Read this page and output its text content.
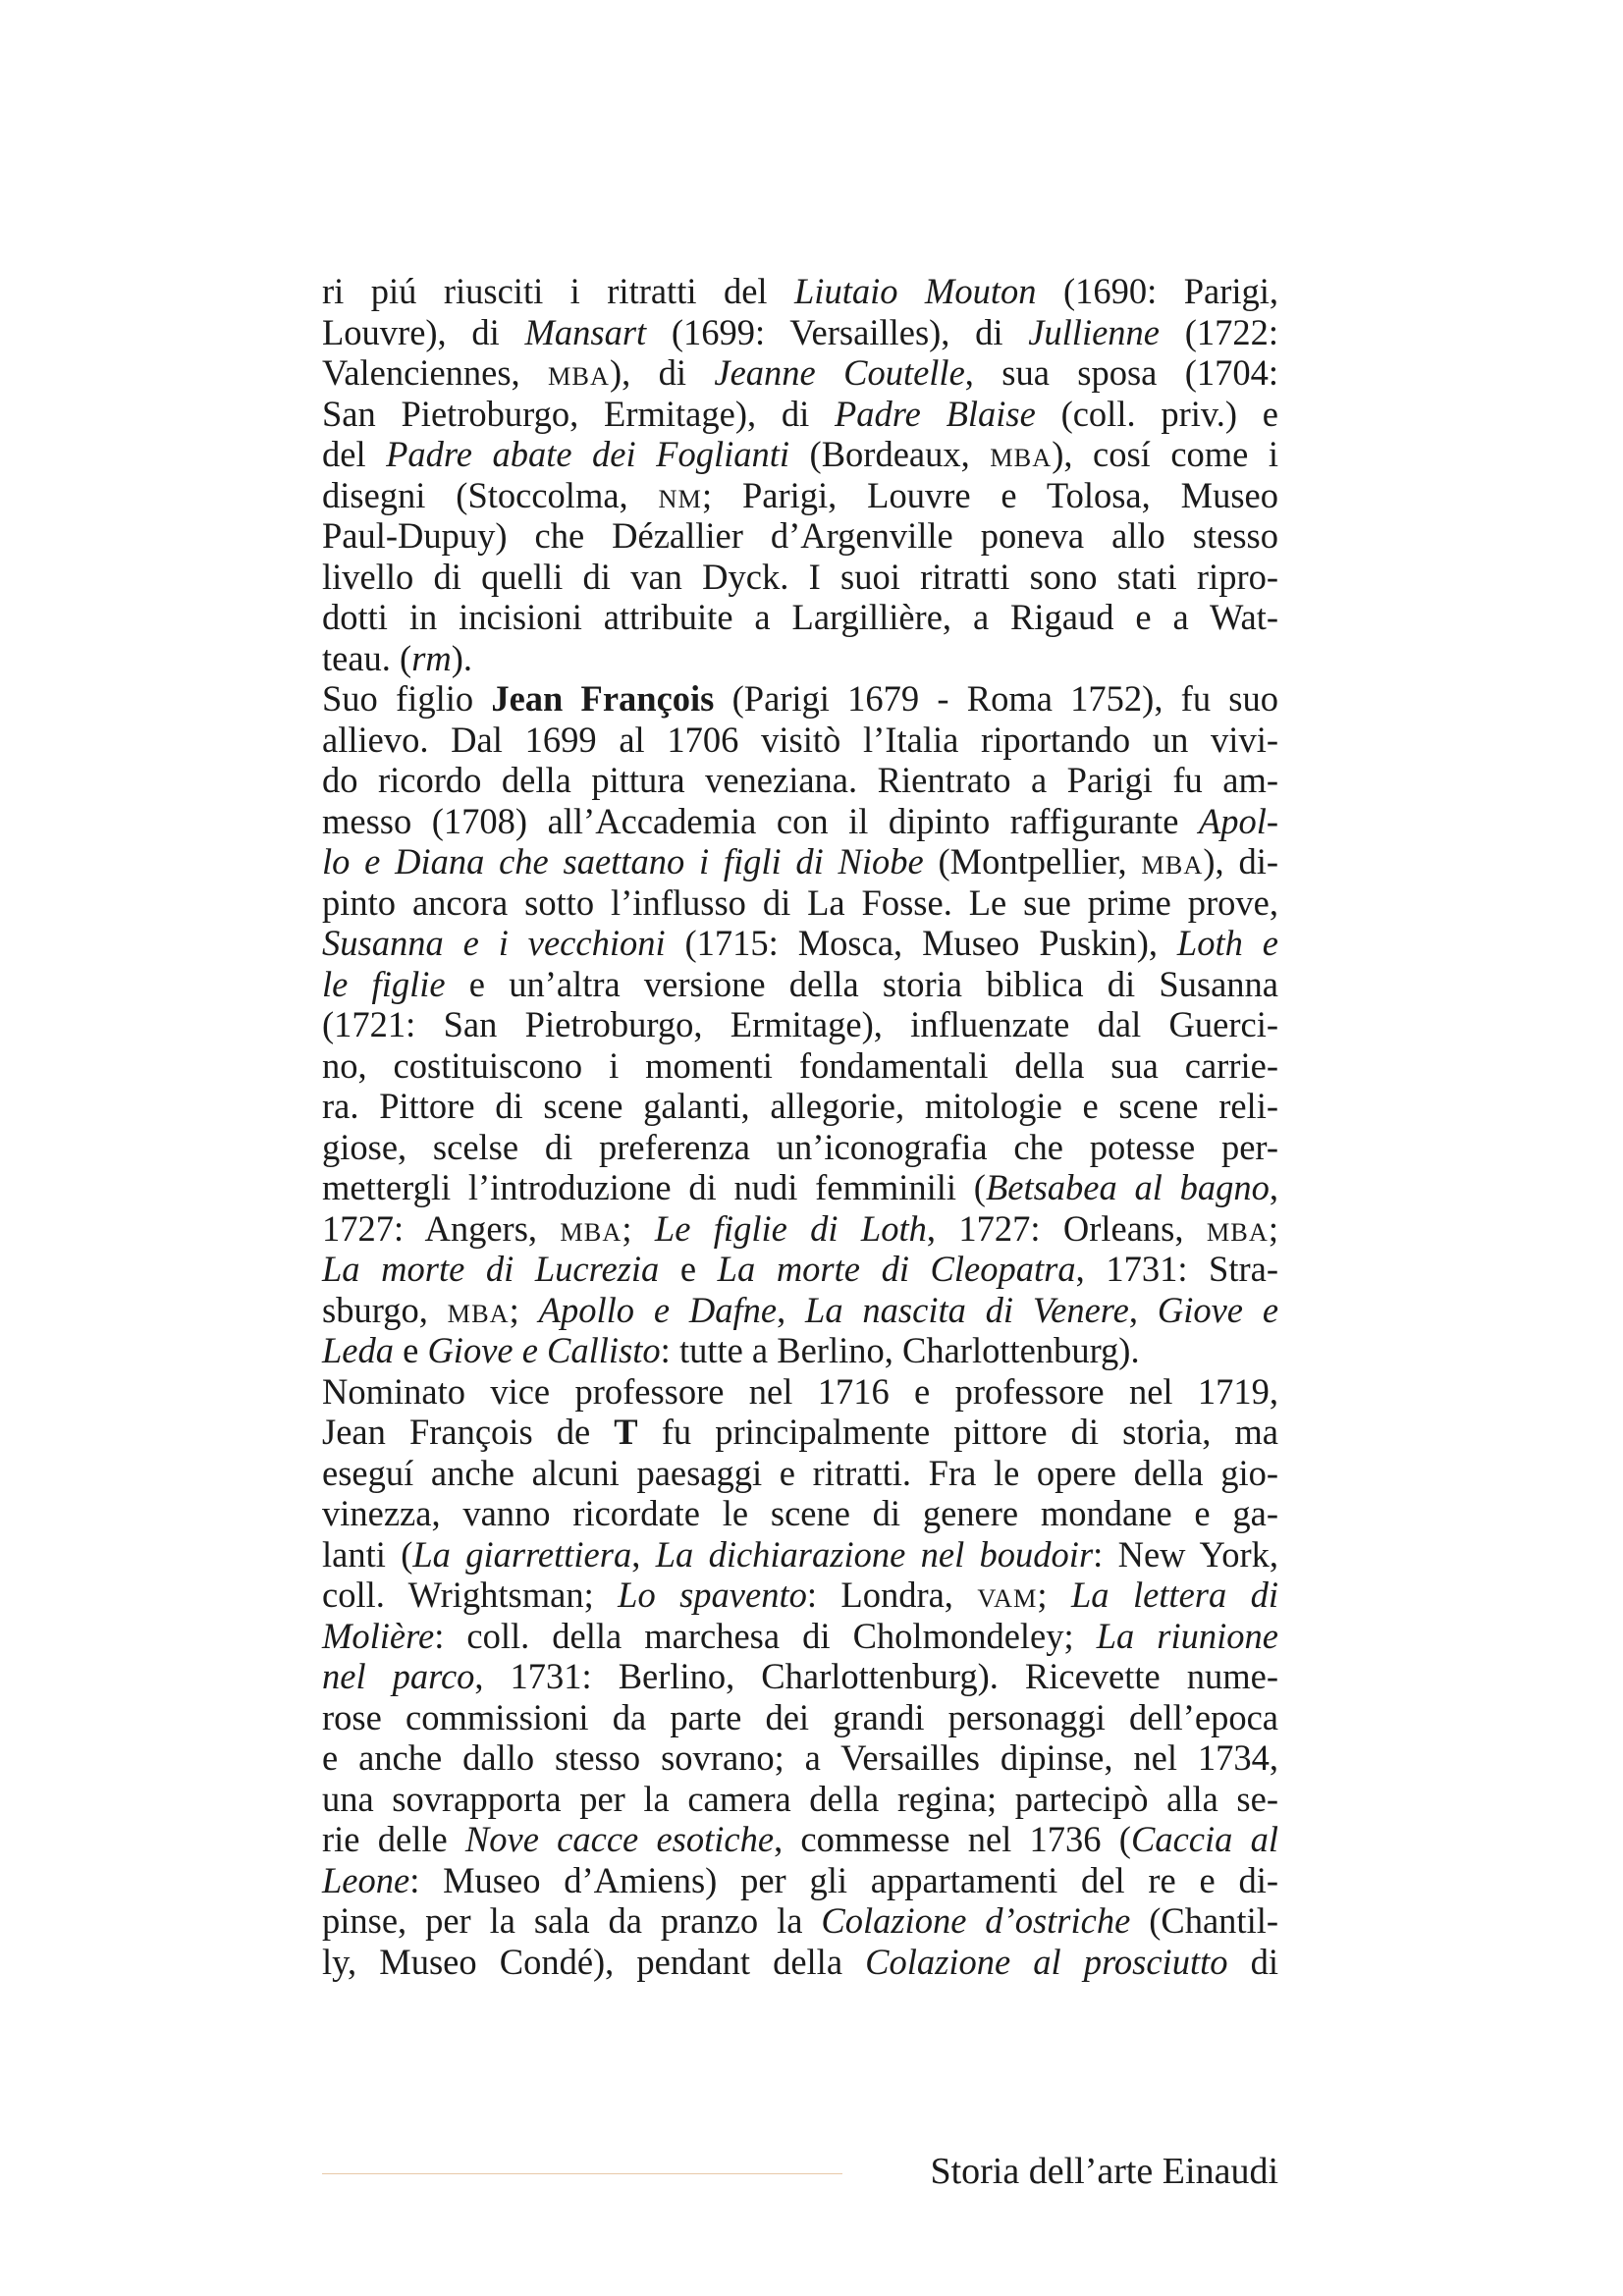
ri piú riusciti i ritratti del Liutaio Mouton (1690: Parigi,
Louvre), di Mansart (1699: Versailles), di Jullienne (1722:
Valenciennes, MBA), di Jeanne Coutelle, sua sposa (1704:
San Pietroburgo, Ermitage), di Padre Blaise (coll. priv.) e
del Padre abate dei Foglianti (Bordeaux, MBA), cosí come i
disegni (Stoccolma, NM; Parigi, Louvre e Tolosa, Museo
Paul-Dupuy) che Dézallier d’Argenville poneva allo stesso
livello di quelli di van Dyck. I suoi ritratti sono stati ripro-
dotti in incisioni attribuite a Largillière, a Rigaud e a Wat-
teau. (rm).
Suo figlio Jean François (Parigi 1679 - Roma 1752), fu suo
allievo. Dal 1699 al 1706 visitò l’Italia riportando un vivi-
do ricordo della pittura veneziana. Rientrato a Parigi fu am-
messo (1708) all’Accademia con il dipinto raffigurante Apol-
lo e Diana che saettano i figli di Niobe (Montpellier, MBA), di-
pinto ancora sotto l’influsso di La Fosse. Le sue prime prove,
Susanna e i vecchioni (1715: Mosca, Museo Puskin), Loth e
le figlie e un’altra versione della storia biblica di Susanna
(1721: San Pietroburgo, Ermitage), influenzate dal Guerci-
no, costituiscono i momenti fondamentali della sua carrie-
ra. Pittore di scene galanti, allegorie, mitologie e scene reli-
giose, scelse di preferenza un’iconografia che potesse per-
mettergli l’introduzione di nudi femminili (Betsabea al bagno,
1727: Angers, MBA; Le figlie di Loth, 1727: Orleans, MBA;
La morte di Lucrezia e La morte di Cleopatra, 1731: Stra-
sburgo, MBA; Apollo e Dafne, La nascita di Venere, Giove e
Leda e Giove e Callisto: tutte a Berlino, Charlottenburg).
Nominato vice professore nel 1716 e professore nel 1719,
Jean François de T fu principalmente pittore di storia, ma
eseguí anche alcuni paesaggi e ritratti. Fra le opere della gio-
vinezza, vanno ricordate le scene di genere mondane e ga-
lanti (La giarrettiera, La dichiarazione nel boudoir: New York,
coll. Wrightsman; Lo spavento: Londra, VAM; La lettera di
Molière: coll. della marchesa di Cholmondeley; La riunione
nel parco, 1731: Berlino, Charlottenburg). Ricevette nume-
rose commissioni da parte dei grandi personaggi dell’epoca
e anche dallo stesso sovrano; a Versailles dipinse, nel 1734,
una sovrapporta per la camera della regina; partecipò alla se-
rie delle Nove cacce esotiche, commesse nel 1736 (Caccia al
Leone: Museo d’Amiens) per gli appartamenti del re e di-
pinse, per la sala da pranzo la Colazione d’ostriche (Chantil-
ly, Museo Condé), pendant della Colazione al prosciutto di
Storia dell’arte Einaudi
